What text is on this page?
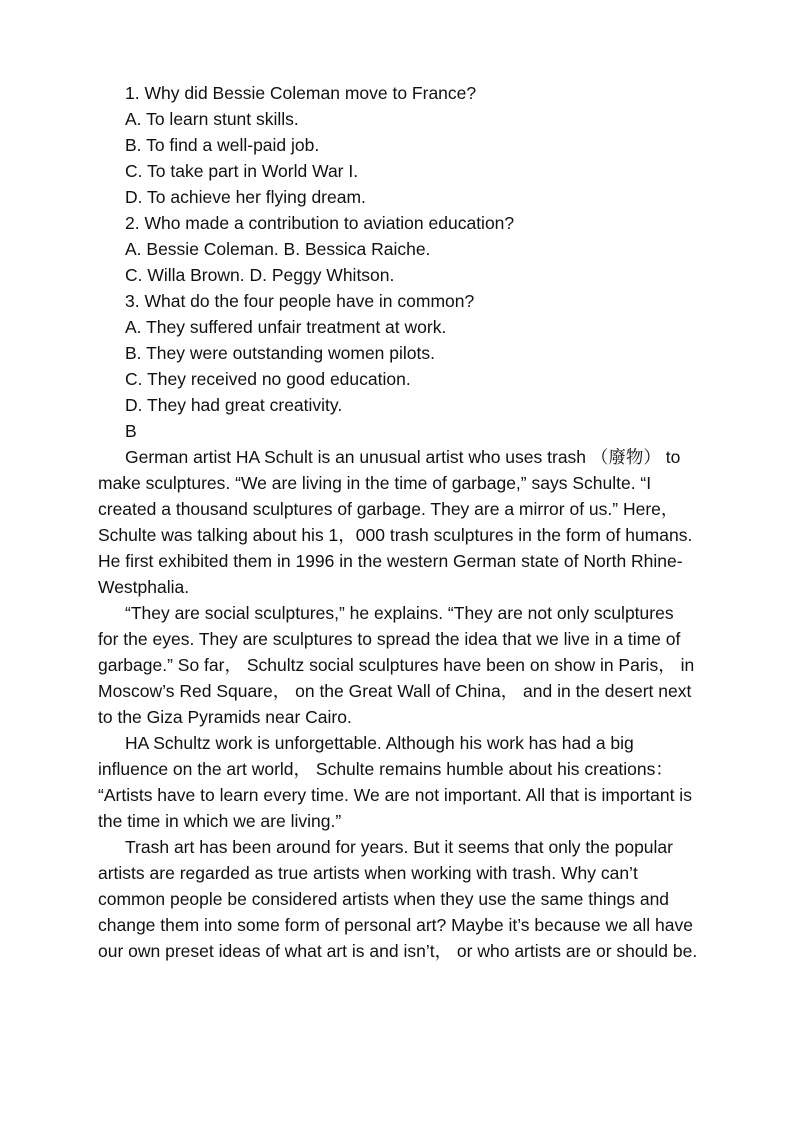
1. Why did Bessie Coleman move to France?
A. To learn stunt skills.
B. To find a well-paid job.
C. To take part in World War I.
D. To achieve her flying dream.
2. Who made a contribution to aviation education?
A. Bessie Coleman. B. Bessica Raiche.
C. Willa Brown. D. Peggy Whitson.
3. What do the four people have in common?
A. They suffered unfair treatment at work.
B. They were outstanding women pilots.
C. They received no good education.
D. They had great creativity.
B

German artist HA Schult is an unusual artist who uses trash （廢物） to make sculptures. “We are living in the time of garbage,” says Schulte. “I created a thousand sculptures of garbage. They are a mirror of us.” Here， Schulte was talking about his 1，000 trash sculptures in the form of humans. He first exhibited them in 1996 in the western German state of North Rhine-Westphalia.

“They are social sculptures,” he explains. “They are not only sculptures for the eyes. They are sculptures to spread the idea that we live in a time of garbage.” So far， Schultz social sculptures have been on show in Paris， in Moscow’s Red Square， on the Great Wall of China， and in the desert next to the Giza Pyramids near Cairo.

HA Schultz work is unforgettable. Although his work has had a big influence on the art world， Schulte remains humble about his creations： “Artists have to learn every time. We are not important. All that is important is the time in which we are living.”

Trash art has been around for years. But it seems that only the popular artists are regarded as true artists when working with trash. Why can’t common people be considered artists when they use the same things and change them into some form of personal art? Maybe it’s because we all have our own preset ideas of what art is and isn’t， or who artists are or should be.
